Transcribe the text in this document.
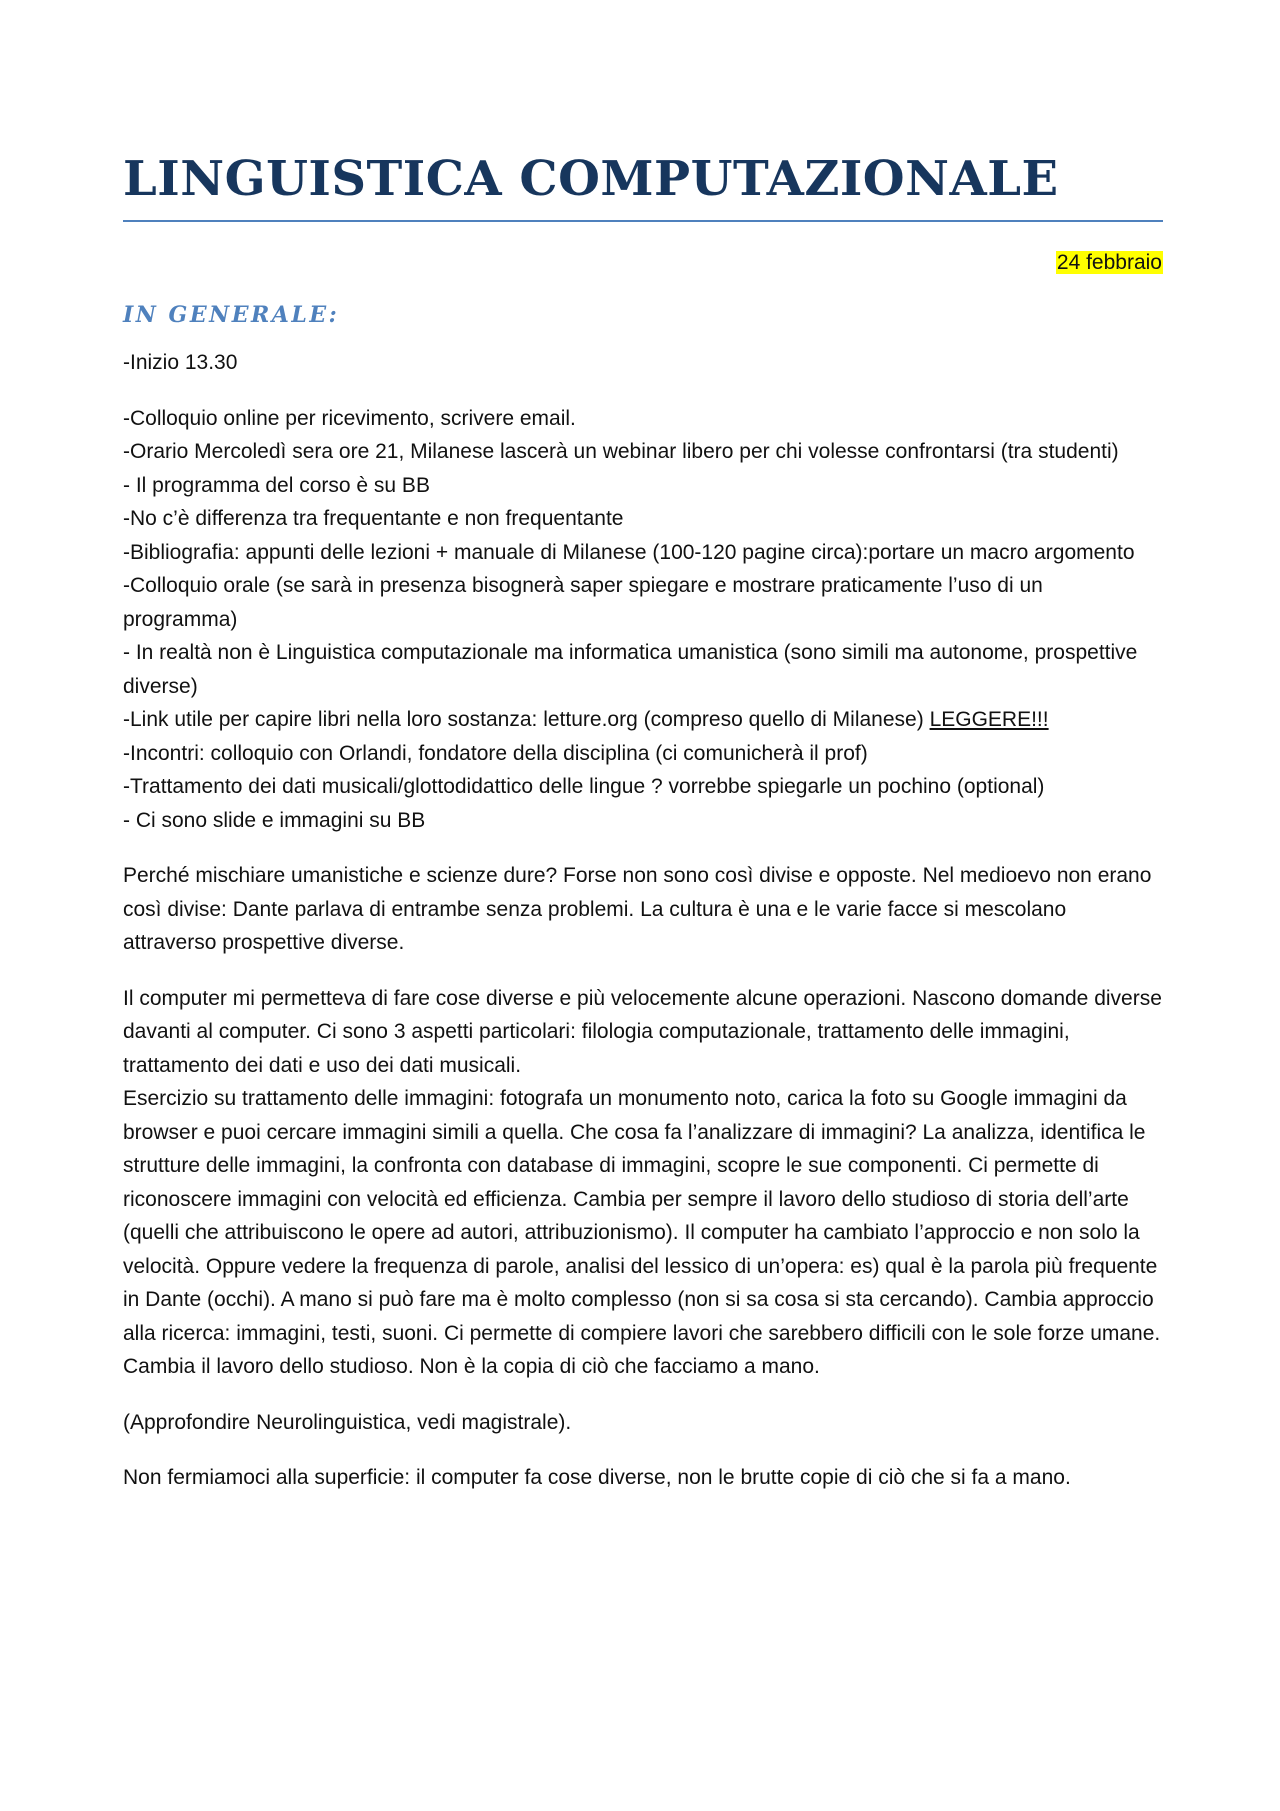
LINGUISTICA COMPUTAZIONALE
24 febbraio
IN GENERALE:

-Inizio 13.30

-Colloquio online per ricevimento, scrivere email.

-Orario Mercoledì sera ore 21, Milanese lascerà un webinar libero per chi volesse confrontarsi (tra studenti)

- Il programma del corso è su BB

-No c’è differenza tra frequentante e non frequentante

-Bibliografia: appunti delle lezioni + manuale di Milanese (100-120 pagine circa):portare un macro argomento

-Colloquio orale (se sarà in presenza bisognerà saper spiegare e mostrare praticamente l’uso di un programma)

- In realtà non è Linguistica computazionale ma informatica umanistica (sono simili ma autonome, prospettive diverse)

-Link utile per capire libri nella loro sostanza: letture.org (compreso quello di Milanese) LEGGERE!!!

-Incontri: colloquio con Orlandi, fondatore della disciplina (ci comunicherà il prof)

-Trattamento dei dati musicali/glottodidattico delle lingue ? vorrebbe spiegarle un pochino (optional)

- Ci sono slide e immagini su BB

Perché mischiare umanistiche e scienze dure? Forse non sono così divise e opposte. Nel medioevo non erano così divise: Dante parlava di entrambe senza problemi. La cultura è una e le varie facce si mescolano attraverso prospettive diverse.

Il computer mi permetteva di fare cose diverse e più velocemente alcune operazioni. Nascono domande diverse davanti al computer. Ci sono 3 aspetti particolari: filologia computazionale, trattamento delle immagini, trattamento dei dati e uso dei dati musicali.

Esercizio su trattamento delle immagini: fotografa un monumento noto, carica la foto su Google immagini da browser e puoi cercare immagini simili a quella. Che cosa fa l’analizzare di immagini? La analizza, identifica le strutture delle immagini, la confronta con database di immagini, scopre le sue componenti. Ci permette di riconoscere immagini con velocità ed efficienza. Cambia per sempre il lavoro dello studioso di storia dell’arte (quelli che attribuiscono le opere ad autori, attribuzionismo). Il computer ha cambiato l’approccio e non solo la velocità. Oppure vedere la frequenza di parole, analisi del lessico di un’opera: es) qual è la parola più frequente in Dante (occhi). A mano si può fare ma è molto complesso (non si sa cosa si sta cercando). Cambia approccio alla ricerca: immagini, testi, suoni. Ci permette di compiere lavori che sarebbero difficili con le sole forze umane. Cambia il lavoro dello studioso. Non è la copia di ciò che facciamo a mano.

(Approfondire Neurolinguistica, vedi magistrale).

Non fermiamoci alla superficie: il computer fa cose diverse, non le brutte copie di ciò che si fa a mano.
